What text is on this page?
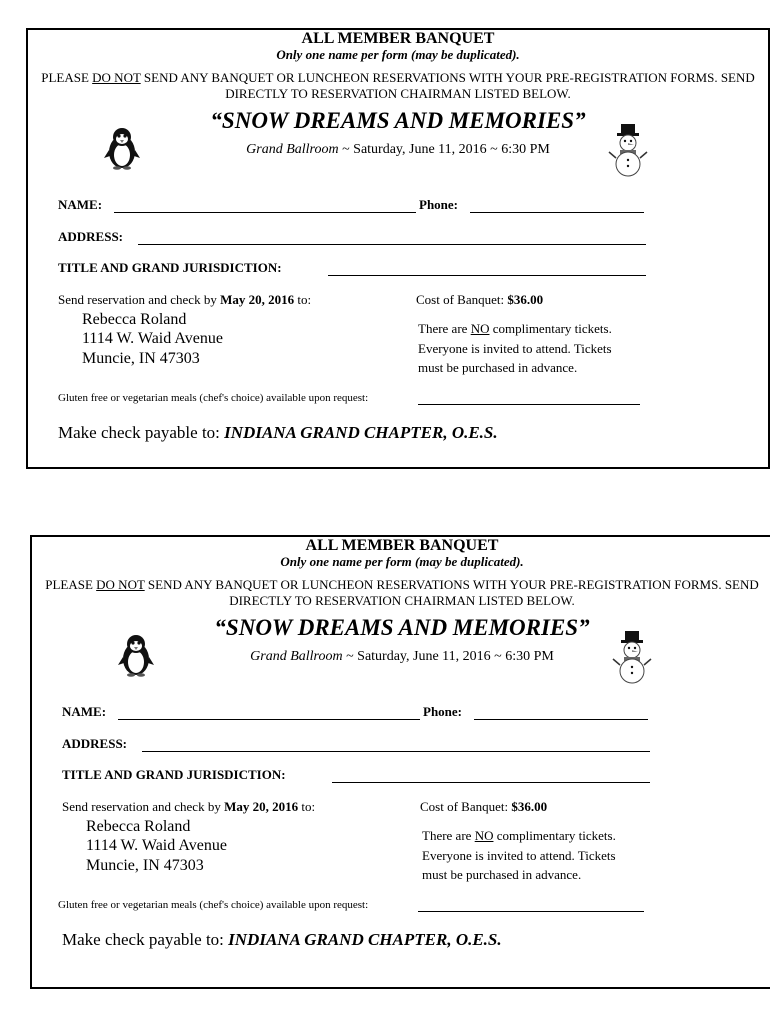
ALL MEMBER BANQUET
Only one name per form (may be duplicated).
PLEASE DO NOT SEND ANY BANQUET OR LUNCHEON RESERVATIONS WITH YOUR PRE-REGISTRATION FORMS. SEND DIRECTLY TO RESERVATION CHAIRMAN LISTED BELOW.
“SNOW DREAMS AND MEMORIES”
Grand Ballroom ~ Saturday, June 11, 2016 ~ 6:30 PM
NAME:	Phone:
ADDRESS:
TITLE AND GRAND JURISDICTION:
Send reservation and check by May 20, 2016 to:	Cost of Banquet: $36.00
Rebecca Roland
1114 W. Waid Avenue
Muncie, IN 47303
There are NO complimentary tickets.
Everyone is invited to attend. Tickets
must be purchased in advance.
Gluten free or vegetarian meals (chef's choice) available upon request:
Make check payable to: INDIANA GRAND CHAPTER, O.E.S.
ALL MEMBER BANQUET
Only one name per form (may be duplicated).
PLEASE DO NOT SEND ANY BANQUET OR LUNCHEON RESERVATIONS WITH YOUR PRE-REGISTRATION FORMS. SEND DIRECTLY TO RESERVATION CHAIRMAN LISTED BELOW.
“SNOW DREAMS AND MEMORIES”
Grand Ballroom ~ Saturday, June 11, 2016 ~ 6:30 PM
NAME:	Phone:
ADDRESS:
TITLE AND GRAND JURISDICTION:
Send reservation and check by May 20, 2016 to:	Cost of Banquet: $36.00
Rebecca Roland
1114 W. Waid Avenue
Muncie, IN 47303
There are NO complimentary tickets.
Everyone is invited to attend. Tickets
must be purchased in advance.
Gluten free or vegetarian meals (chef's choice) available upon request:
Make check payable to: INDIANA GRAND CHAPTER, O.E.S.
